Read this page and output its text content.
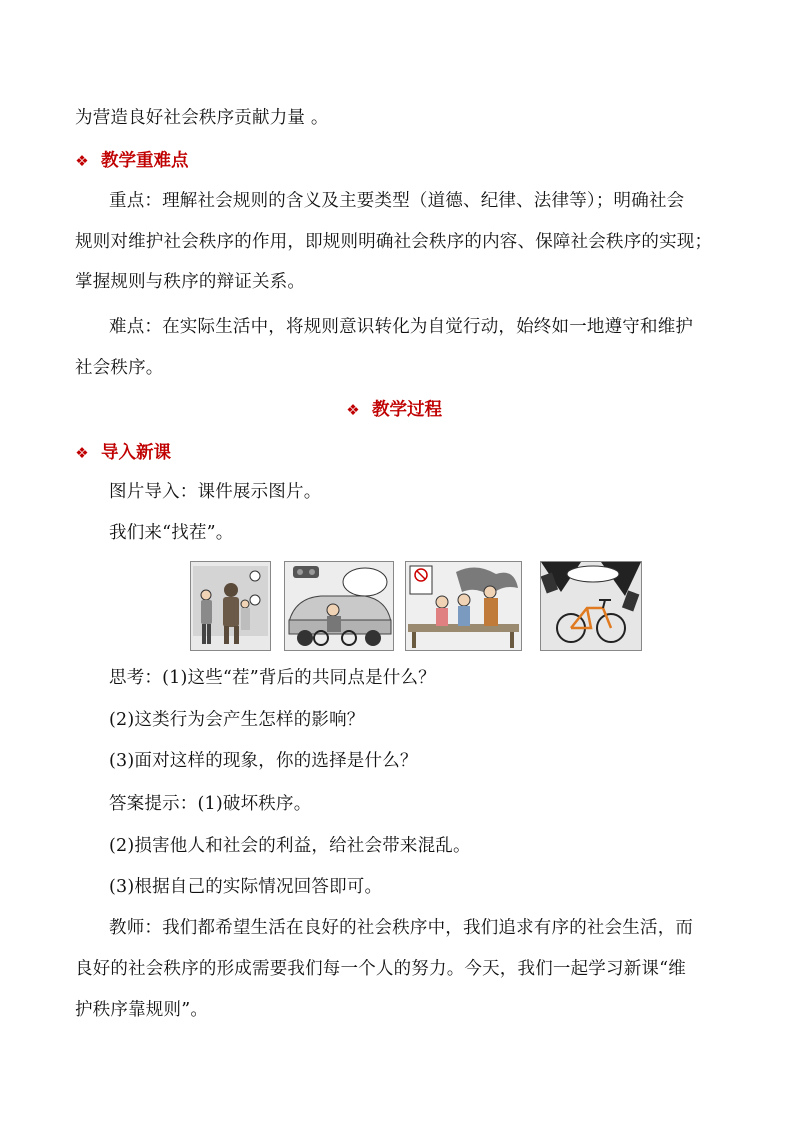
为营造良好社会秩序贡献力量 。
❖ 教学重难点
重点：理解社会规则的含义及主要类型（道德、纪律、法律等）；明确社会
规则对维护社会秩序的作用，即规则明确社会秩序的内容、保障社会秩序的实现；
掌握规则与秩序的辩证关系。
难点：在实际生活中，将规则意识转化为自觉行动，始终如一地遵守和维护
社会秩序。
❖ 教学过程
❖ 导入新课
图片导入：课件展示图片。
我们来“找茬”。
思考：(1)这些“茬”背后的共同点是什么？
(2)这类行为会产生怎样的影响？
(3)面对这样的现象，你的选择是什么？
答案提示：(1)破坏秩序。
(2)损害他人和社会的利益，给社会带来混乱。
(3)根据自己的实际情况回答即可。
教师：我们都希望生活在良好的社会秩序中，我们追求有序的社会生活，而
良好的社会秩序的形成需要我们每一个人的努力。今天，我们一起学习新课“维
护秩序靠规则”。
